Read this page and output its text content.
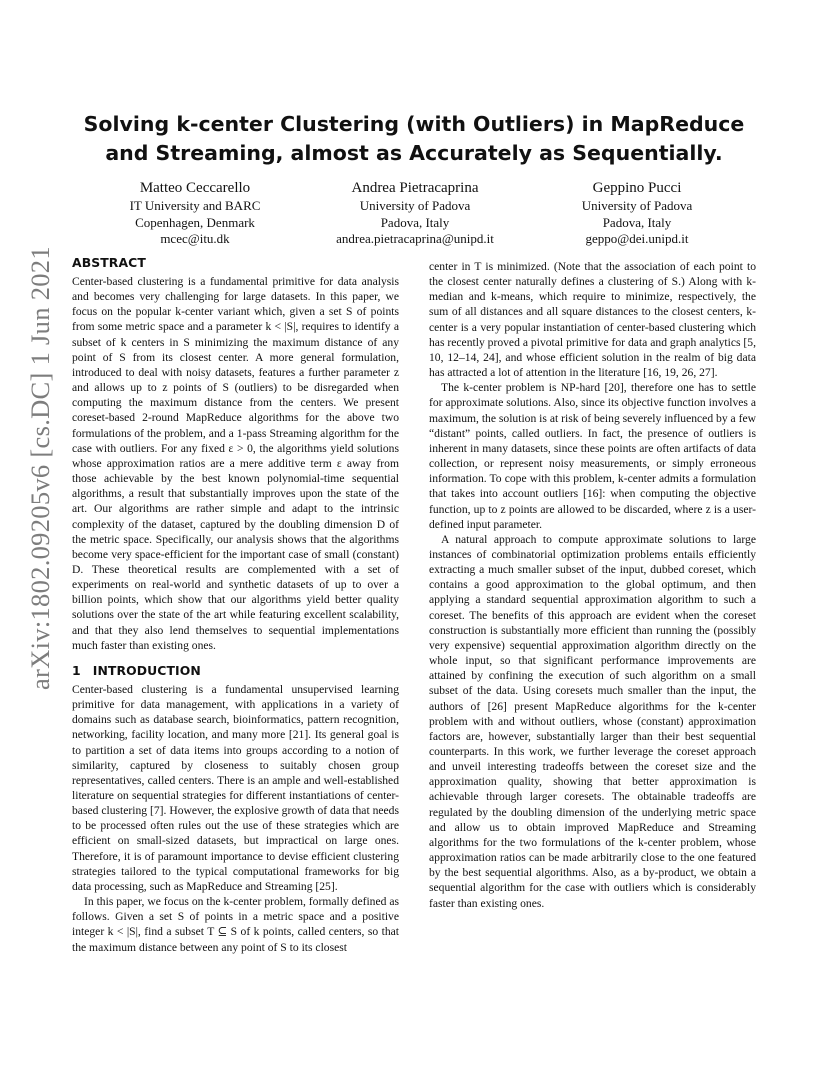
Solving k-center Clustering (with Outliers) in MapReduce and Streaming, almost as Accurately as Sequentially.
Matteo Ceccarello
IT University and BARC
Copenhagen, Denmark
mcec@itu.dk
Andrea Pietracaprina
University of Padova
Padova, Italy
andrea.pietracaprina@unipd.it
Geppino Pucci
University of Padova
Padova, Italy
geppo@dei.unipd.it
arXiv:1802.09205v6 [cs.DC] 1 Jun 2021 ABSTRACT

Center-based clustering is a fundamental primitive for data analysis and becomes very challenging for large datasets. In this paper, we focus on the popular k-center variant which, given a set S of points from some metric space and a parameter k < |S|, requires to identify a subset of k centers in S minimizing the maximum distance of any point of S from its closest center. A more general formulation, introduced to deal with noisy datasets, features a further parameter z and allows up to z points of S (outliers) to be disregarded when computing the maximum distance from the centers. We present coreset-based 2-round MapReduce algorithms for the above two formulations of the problem, and a 1-pass Streaming algorithm for the case with outliers. For any fixed ε > 0, the algorithms yield solutions whose approximation ratios are a mere additive term ε away from those achievable by the best known polynomial-time sequential algorithms, a result that substantially improves upon the state of the art. Our algorithms are rather simple and adapt to the intrinsic complexity of the dataset, captured by the doubling dimension D of the metric space. Specifically, our analysis shows that the algorithms become very space-efficient for the important case of small (constant) D. These theoretical results are complemented with a set of experiments on real-world and synthetic datasets of up to over a billion points, which show that our algorithms yield better quality solutions over the state of the art while featuring excellent scalability, and that they also lend themselves to sequential implementations much faster than existing ones.

1 INTRODUCTION

Center-based clustering is a fundamental unsupervised learning primitive for data management, with applications in a variety of domains such as database search, bioinformatics, pattern recognition, networking, facility location, and many more [21]. Its general goal is to partition a set of data items into groups according to a notion of similarity, captured by closeness to suitably chosen group representatives, called centers. There is an ample and well-established literature on sequential strategies for different instantiations of center-based clustering [7]. However, the explosive growth of data that needs to be processed often rules out the use of these strategies which are efficient on small-sized datasets, but impractical on large ones. Therefore, it is of paramount importance to devise efficient clustering strategies tailored to the typical computational frameworks for big data processing, such as MapReduce and Streaming [25].

In this paper, we focus on the k-center problem, formally defined as follows. Given a set S of points in a metric space and a positive integer k < |S|, find a subset T ⊆ S of k points, called centers, so that the maximum distance between any point of S to its closest

center in T is minimized. (Note that the association of each point to the closest center naturally defines a clustering of S.) Along with k-median and k-means, which require to minimize, respectively, the sum of all distances and all square distances to the closest centers, k-center is a very popular instantiation of center-based clustering which has recently proved a pivotal primitive for data and graph analytics [5, 10, 12–14, 24], and whose efficient solution in the realm of big data has attracted a lot of attention in the literature [16, 19, 26, 27].

The k-center problem is NP-hard [20], therefore one has to settle for approximate solutions. Also, since its objective function involves a maximum, the solution is at risk of being severely influenced by a few “distant” points, called outliers. In fact, the presence of outliers is inherent in many datasets, since these points are often artifacts of data collection, or represent noisy measurements, or simply erroneous information. To cope with this problem, k-center admits a formulation that takes into account outliers [16]: when computing the objective function, up to z points are allowed to be discarded, where z is a user-defined input parameter.

A natural approach to compute approximate solutions to large instances of combinatorial optimization problems entails efficiently extracting a much smaller subset of the input, dubbed coreset, which contains a good approximation to the global optimum, and then applying a standard sequential approximation algorithm to such a coreset. The benefits of this approach are evident when the coreset construction is substantially more efficient than running the (possibly very expensive) sequential approximation algorithm directly on the whole input, so that significant performance improvements are attained by confining the execution of such algorithm on a small subset of the data. Using coresets much smaller than the input, the authors of [26] present MapReduce algorithms for the k-center problem with and without outliers, whose (constant) approximation factors are, however, substantially larger than their best sequential counterparts. In this work, we further leverage the coreset approach and unveil interesting tradeoffs between the coreset size and the approximation quality, showing that better approximation is achievable through larger coresets. The obtainable tradeoffs are regulated by the doubling dimension of the underlying metric space and allow us to obtain improved MapReduce and Streaming algorithms for the two formulations of the k-center problem, whose approximation ratios can be made arbitrarily close to the one featured by the best sequential algorithms. Also, as a by-product, we obtain a sequential algorithm for the case with outliers which is considerably faster than existing ones.
